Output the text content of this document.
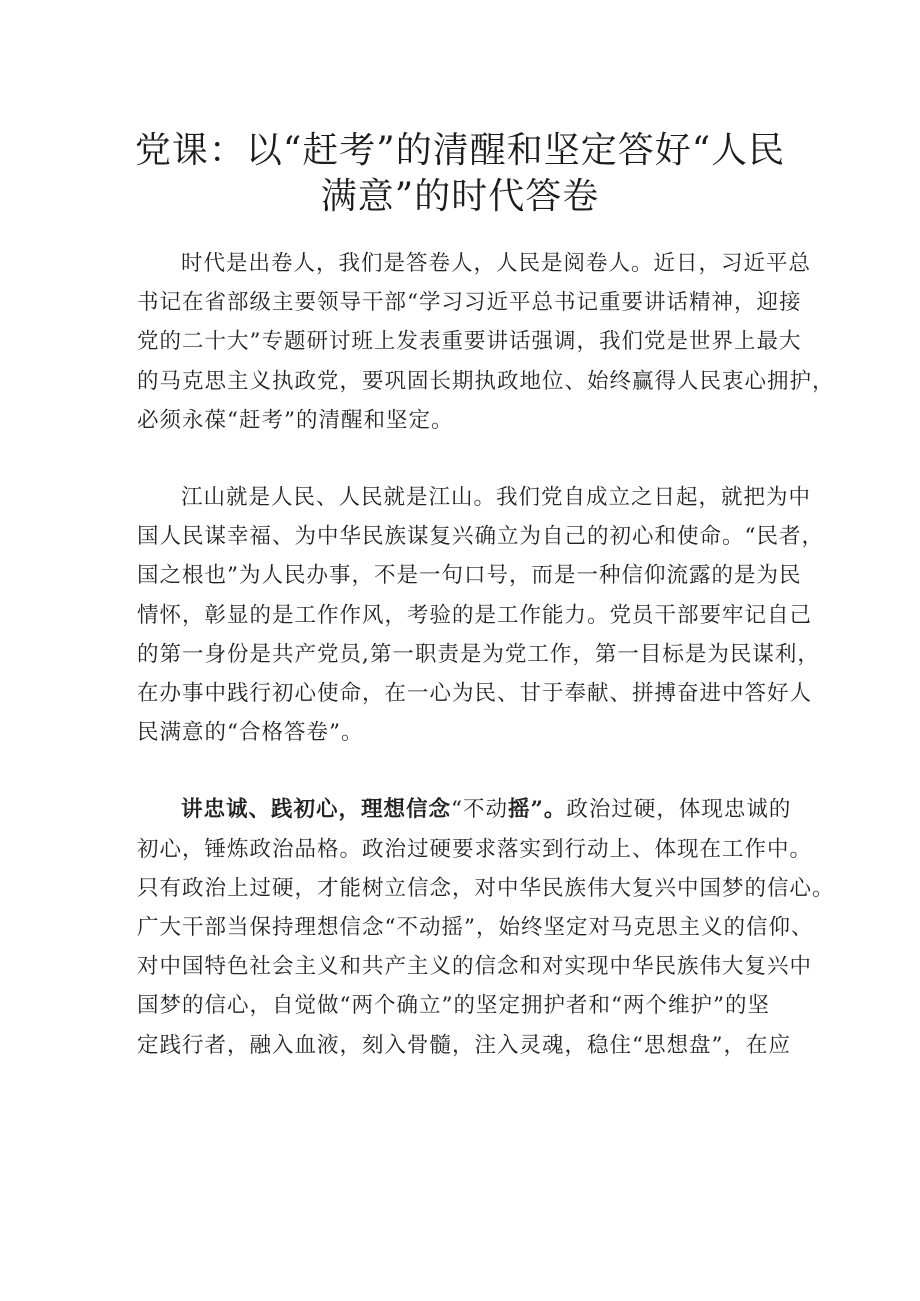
党课：以“赶考”的清醒和坚定答好“人民
满意”的时代答卷

时代是出卷人，我们是答卷人，人民是阅卷人。近日，习近平总
书记在省部级主要领导干部“学习习近平总书记重要讲话精神，迎接
党的二十大”专题研讨班上发表重要讲话强调，我们党是世界上最大
的马克思主义执政党，要巩固长期执政地位、始终赢得人民衷心拥护，
必须永葆“赶考”的清醒和坚定。

江山就是人民、人民就是江山。我们党自成立之日起，就把为中
国人民谋幸福、为中华民族谋复兴确立为自己的初心和使命。“民者，
国之根也”为人民办事，不是一句口号，而是一种信仰流露的是为民
情怀，彰显的是工作作风，考验的是工作能力。党员干部要牢记自己
的第一身份是共产党员,第一职责是为党工作，第一目标是为民谋利，
在办事中践行初心使命，在一心为民、甘于奉献、拼搏奋进中答好人
民满意的“合格答卷”。

讲忠诚、践初心，理想信念“不动摇”。政治过硬，体现忠诚的
初心，锤炼政治品格。政治过硬要求落实到行动上、体现在工作中。
只有政治上过硬，才能树立信念，对中华民族伟大复兴中国梦的信心。
广大干部当保持理想信念“不动摇”，始终坚定对马克思主义的信仰、
对中国特色社会主义和共产主义的信念和对实现中华民族伟大复兴中
国梦的信心，自觉做“两个确立”的坚定拥护者和“两个维护”的坚
定践行者，融入血液，刻入骨髓，注入灵魂，稳住“思想盘”，在应
